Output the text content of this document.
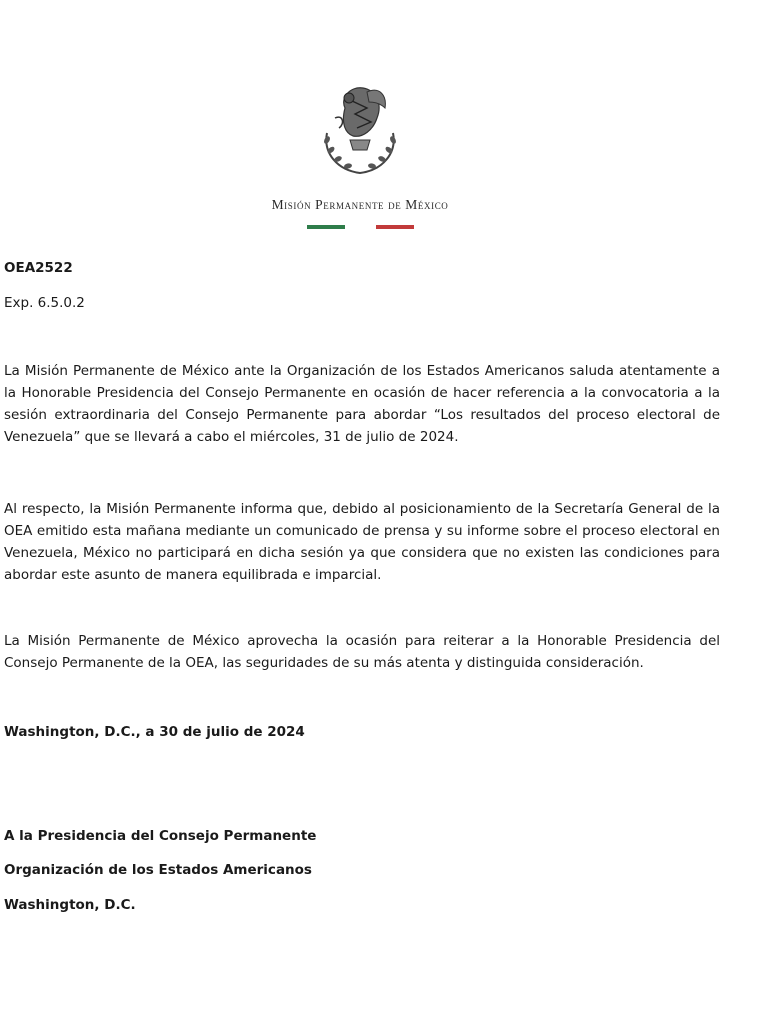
Misión Permanente de México
OEA2522
Exp. 6.5.0.2

La Misión Permanente de México ante la Organización de los Estados Americanos saluda atentamente a la Honorable Presidencia del Consejo Permanente en ocasión de hacer referencia a la convocatoria a la sesión extraordinaria del Consejo Permanente para abordar “Los resultados del proceso electoral de Venezuela” que se llevará a cabo el miércoles, 31 de julio de 2024.

Al respecto, la Misión Permanente informa que, debido al posicionamiento de la Secretaría General de la OEA emitido esta mañana mediante un comunicado de prensa y su informe sobre el proceso electoral en Venezuela, México no participará en dicha sesión ya que considera que no existen las condiciones para abordar este asunto de manera equilibrada e imparcial.

La Misión Permanente de México aprovecha la ocasión para reiterar a la Honorable Presidencia del Consejo Permanente de la OEA, las seguridades de su más atenta y distinguida consideración.

Washington, D.C., a 30 de julio de 2024
A la Presidencia del Consejo Permanente
Organización de los Estados Americanos
Washington, D.C.
